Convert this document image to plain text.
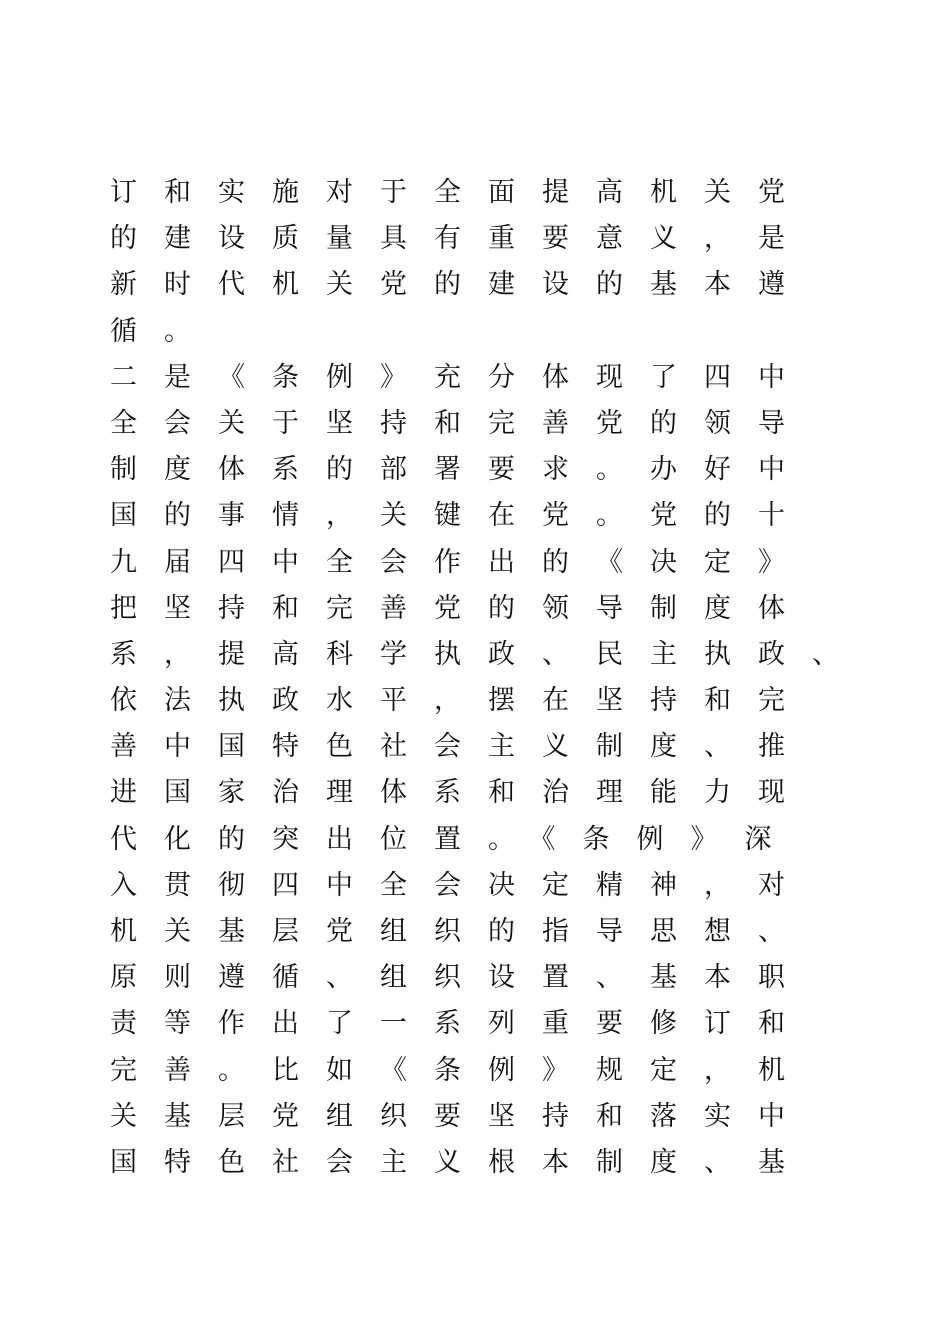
订和实施对于全面提高机关党
的建设质量具有重要意义，是
新时代机关党的建设的基本遵
循。
二是《条例》充分体现了四中
全会关于坚持和完善党的领导
制度体系的部署要求。办好中
国的事情，关键在党。党的十
九届四中全会作出的《决定》
把坚持和完善党的领导制度体
系，提高科学执政、民主执政、
依法执政水平，摆在坚持和完
善中国特色社会主义制度、推
进国家治理体系和治理能力现
代化的突出位置。《条例》深
入贯彻四中全会决定精神，对
机关基层党组织的指导思想、
原则遵循、组织设置、基本职
责等作出了一系列重要修订和
完善。比如《条例》规定，机
关基层党组织要坚持和落实中
国特色社会主义根本制度、基
